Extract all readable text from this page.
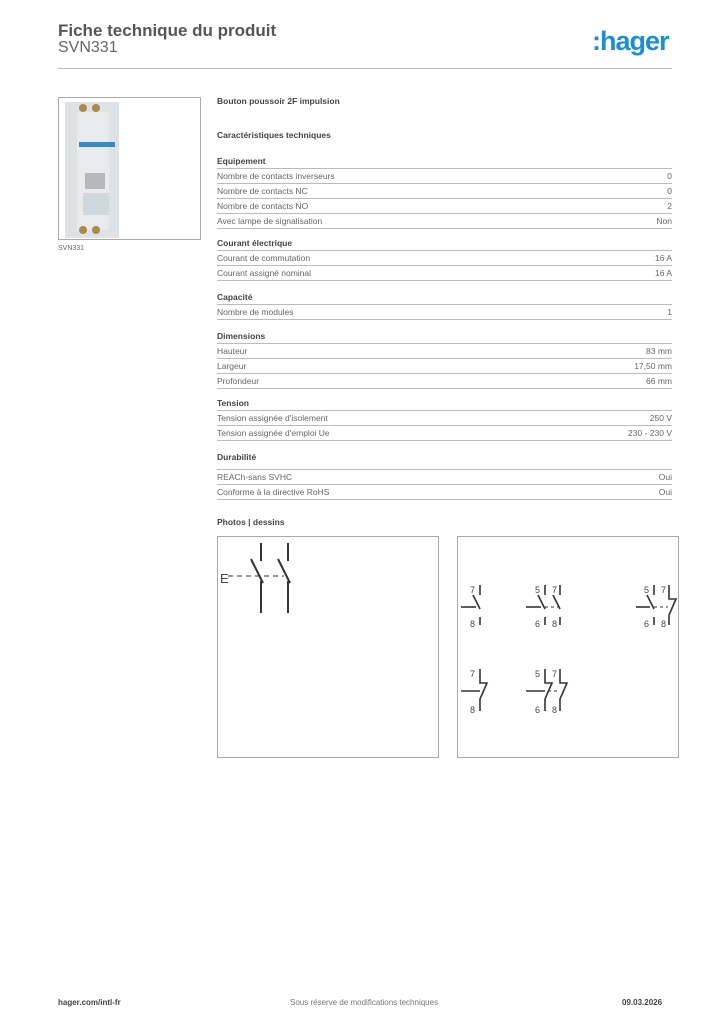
Fiche technique du produit
SVN331	:hager
SVN331
Bouton poussoir 2F impulsion
Caractéristiques techniques
Equipement
Nombre de contacts inverseurs	0
Nombre de contacts NC	0
Nombre de contacts NO	2
Avec lampe de signalisation	Non
Courant électrique
Courant de commutation	16 A
Courant assigné nominal	16 A
Capacité
Nombre de modules	1
Dimensions
Hauteur	83 mm
Largeur	17,50 mm
Profondeur	66 mm
Tension
Tension assignée d'isolement	250 V
Tension assignée d'emploi Ue	230 - 230 V
Durabilité
REACh-sans SVHC	Oui
Conforme à la directive RoHS	Oui
Photos | dessins
E
7
8
5
6
7
8
5
6
7
8
7
8
5
6
7
8
hager.com/intl-fr	Sous réserve de modifications techniques	09.03.2026
